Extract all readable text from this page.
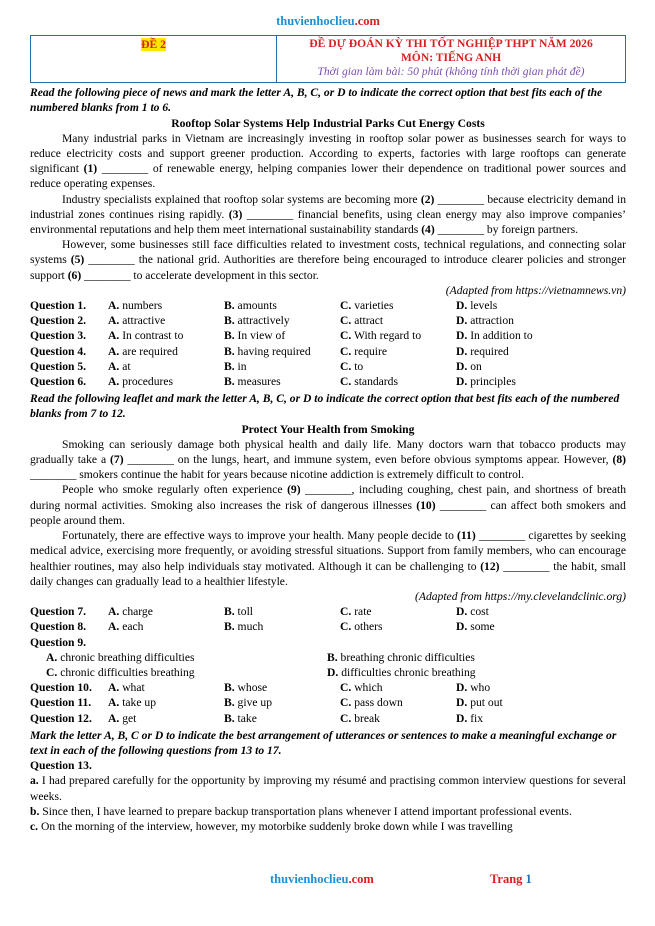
thuvienhoclieu.com
ĐỀ 2	ĐỀ DỰ ĐOÁN KỲ THI TỐT NGHIỆP THPT NĂM 2026
MÔN: TIẾNG ANH
Thời gian làm bài: 50 phút (không tính thời gian phát đề)
Read the following piece of news and mark the letter A, B, C, or D to indicate the correct option that best fits each of the numbered blanks from 1 to 6.
Rooftop Solar Systems Help Industrial Parks Cut Energy Costs

Many industrial parks in Vietnam are increasingly investing in rooftop solar power as businesses search for ways to reduce electricity costs and support greener production. According to experts, factories with large rooftops can generate significant (1) ________ of renewable energy, helping companies lower their dependence on traditional power sources and reduce operating expenses.

Industry specialists explained that rooftop solar systems are becoming more (2) ________ because electricity demand in industrial zones continues rising rapidly. (3) ________ financial benefits, using clean energy may also improve companies’ environmental reputations and help them meet international sustainability standards (4) ________ by foreign partners.

However, some businesses still face difficulties related to investment costs, technical regulations, and connecting solar systems (5) ________ the national grid. Authorities are therefore being encouraged to introduce clearer policies and stronger support (6) ________ to accelerate development in this sector.

(Adapted from https://vietnamnews.vn)
Question 1.	A. numbers	B. amounts	C. varieties	D. levels
Question 2.	A. attractive	B. attractively	C. attract	D. attraction
Question 3.	A. In contrast to	B. In view of	C. With regard to	D. In addition to
Question 4.	A. are required	B. having required	C. require	D. required
Question 5.	A. at	B. in	C. to	D. on
Question 6.	A. procedures	B. measures	C. standards	D. principles
Read the following leaflet and mark the letter A, B, C, or D to indicate the correct option that best fits each of the numbered blanks from 7 to 12.
Protect Your Health from Smoking

Smoking can seriously damage both physical health and daily life. Many doctors warn that tobacco products may gradually take a (7) ________ on the lungs, heart, and immune system, even before obvious symptoms appear. However, (8) ________ smokers continue the habit for years because nicotine addiction is extremely difficult to control.

People who smoke regularly often experience (9) ________, including coughing, chest pain, and shortness of breath during normal activities. Smoking also increases the risk of dangerous illnesses (10) ________ can affect both smokers and people around them.

Fortunately, there are effective ways to improve your health. Many people decide to (11) ________ cigarettes by seeking medical advice, exercising more frequently, or avoiding stressful situations. Support from family members, who can encourage healthier routines, may also help individuals stay motivated. Although it can be challenging to (12) ________ the habit, small daily changes can gradually lead to a healthier lifestyle.

(Adapted from https://my.clevelandclinic.org)
Question 7.	A. charge	B. toll	C. rate	D. cost
Question 8.	A. each	B. much	C. others	D. some
Question 9.
A. chronic breathing difficulties	B. breathing chronic difficulties
C. chronic difficulties breathing	D. difficulties chronic breathing
Question 10.	A. what	B. whose	C. which	D. who
Question 11.	A. take up	B. give up	C. pass down	D. put out
Question 12.	A. get	B. take	C. break	D. fix
Mark the letter A, B, C or D to indicate the best arrangement of utterances or sentences to make a meaningful exchange or text in each of the following questions from 13 to 17.
Question 13.

a. I had prepared carefully for the opportunity by improving my résumé and practising common interview questions for several weeks.

b. Since then, I have learned to prepare backup transportation plans whenever I attend important professional events.

c. On the morning of the interview, however, my motorbike suddenly broke down while I was travelling

thuvienhoclieu.com	Trang 1
